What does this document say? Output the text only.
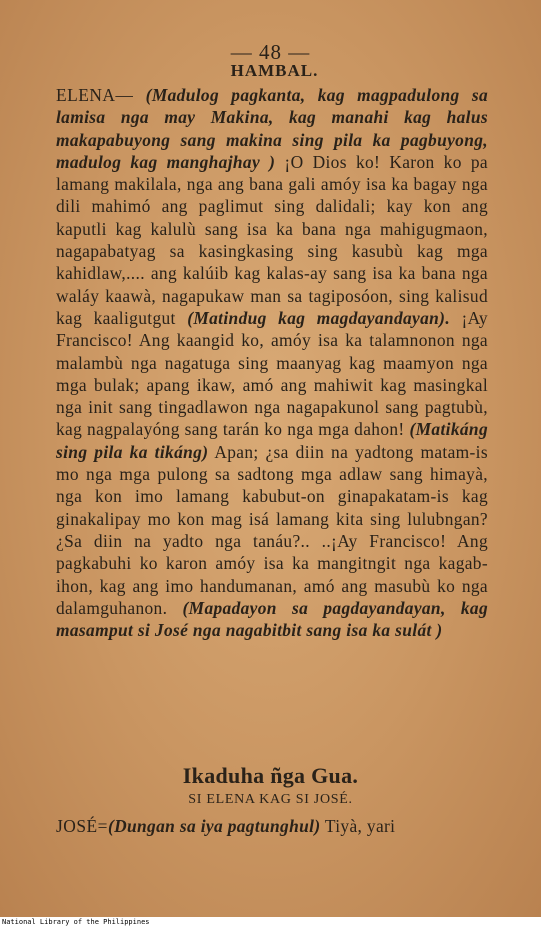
— 48 —
HAMBAL.
ELENA— (Madulog pagkanta, kag magpadulong sa lamisa nga may Makina, kag manahi kag halus makapabuyong sang makina sing pila ka pagbuyong, madulog kag manghajhay ) ¡O Dios ko! Karon ko pa lamang makilala, nga ang bana gali amóy isa ka bagay nga dili mahimó ang paglimut sing dalidali; kay kon ang kaputli kag kalulù sang isa ka bana nga mahigugmaon, nagapabatyag sa kasingkasing sing kasubù kag mga kahidlaw,.... ang kalúib kag kalas-ay sang isa ka bana nga waláy kaawà, nagapukaw man sa tagiposóon, sing kalisud kag kaaligutgut (Matindug kag magdayandayan). ¡Ay Francisco! Ang kaangid ko, amóy isa ka talamnonon nga malambù nga nagatuga sing maanyag kag maamyon nga mga bulak; apang ikaw, amó ang mahiwit kag masingkal nga init sang tingadlawon nga nagapakunol sang pagtubù, kag nagpalayóng sang tarán ko nga mga dahon! (Matikáng sing pila ka tikáng) Apan; ¿sa diin na yadtong matam-is mo nga mga pulong sa sadtong mga adlaw sang himayà, nga kon imo lamang kabubut-on ginapakatam-is kag ginakalipay mo kon mag isá lamang kita sing lulubngan? ¿Sa diin na yadto nga tanáu?.. ..¡Ay Francisco! Ang pagkabuhi ko karon amóy isa ka mangitngit nga kagab-ihon, kag ang imo handumanan, amó ang masubù ko nga dalamguhanon. (Mapadayon sa pagdayandayan, kag masamput si José nga nagabitbit sang isa ka sulát )
Ikaduha ñga Gua.
SI ELENA KAG SI JOSÉ.
JOSÉ=(Dungan sa iya pagtunghul) Tiyà, yari
National Library of the Philippines
